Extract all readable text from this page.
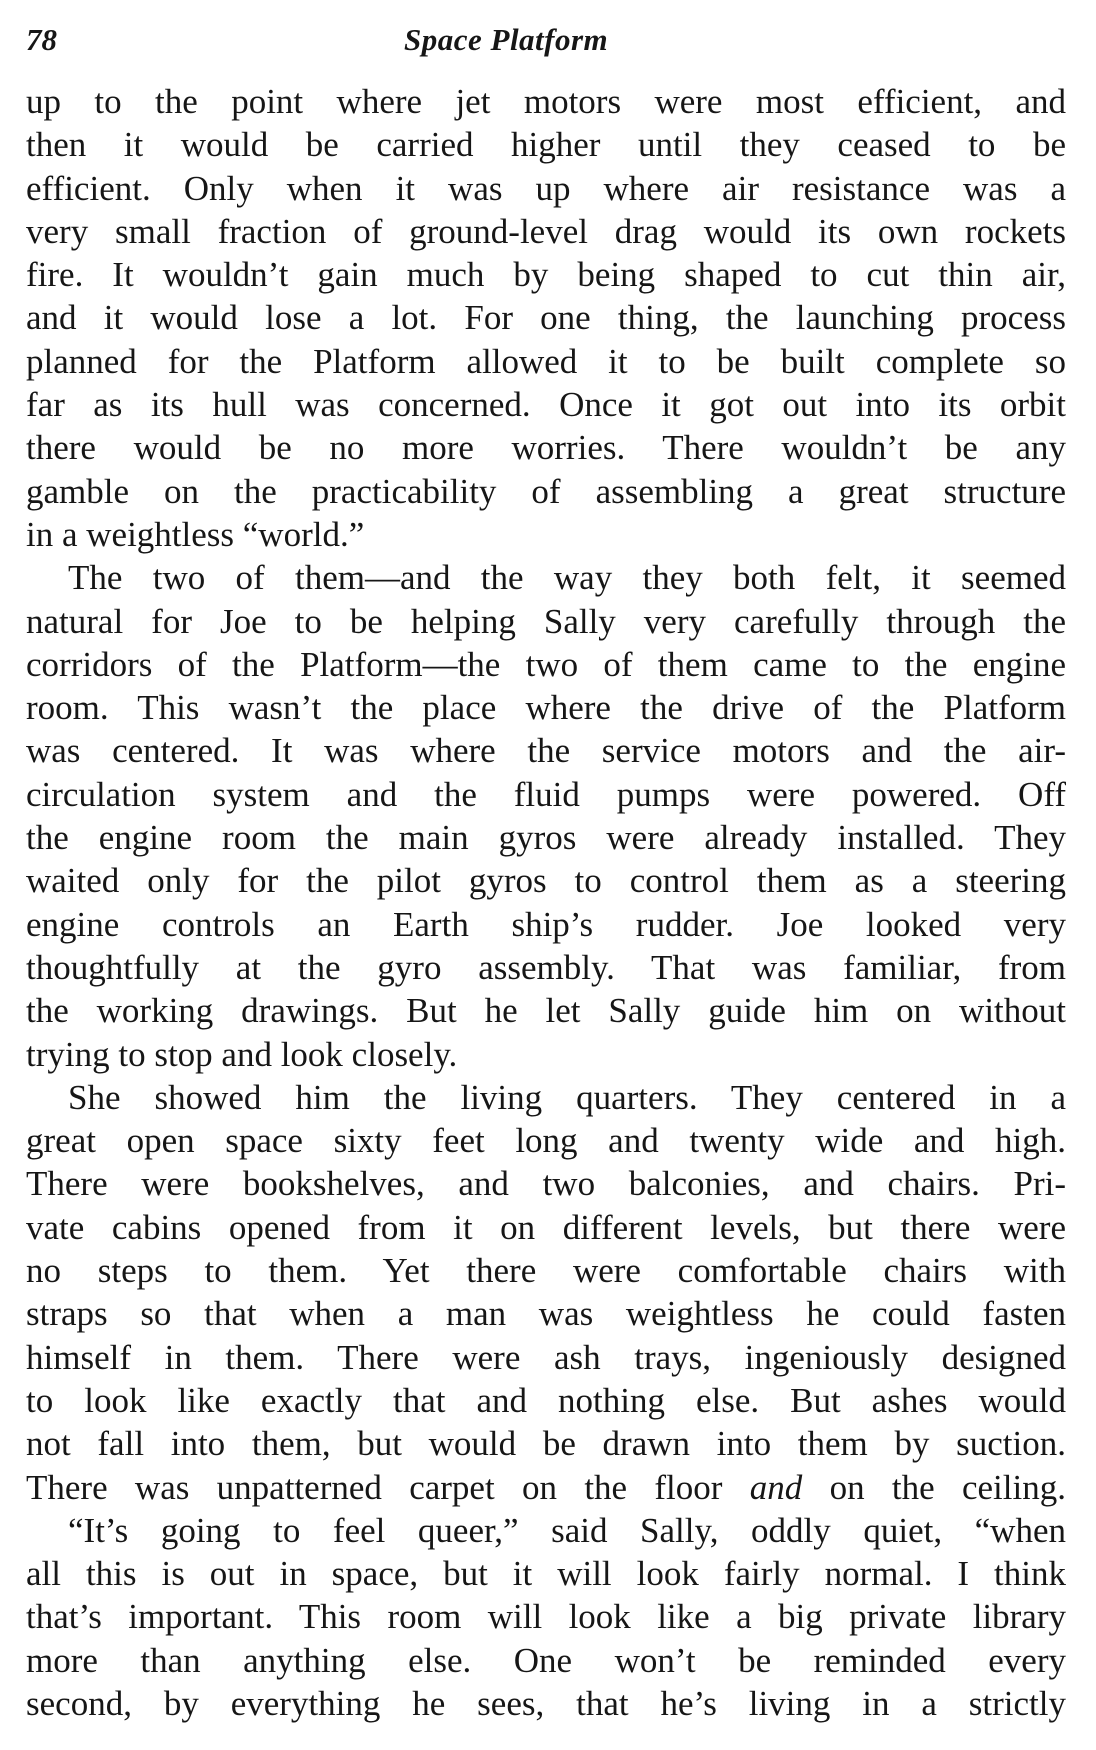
78	Space Platform
up to the point where jet motors were most efficient, and
then it would be carried higher until they ceased to be
efficient. Only when it was up where air resistance was a
very small fraction of ground-level drag would its own rockets
fire. It wouldn’t gain much by being shaped to cut thin air,
and it would lose a lot. For one thing, the launching process
planned for the Platform allowed it to be built complete so
far as its hull was concerned. Once it got out into its orbit
there would be no more worries. There wouldn’t be any
gamble on the practicability of assembling a great structure
in a weightless “world.”
The two of them—and the way they both felt, it seemed
natural for Joe to be helping Sally very carefully through the
corridors of the Platform—the two of them came to the engine
room. This wasn’t the place where the drive of the Platform
was centered. It was where the service motors and the air-
circulation system and the fluid pumps were powered. Off
the engine room the main gyros were already installed. They
waited only for the pilot gyros to control them as a steering
engine controls an Earth ship’s rudder. Joe looked very
thoughtfully at the gyro assembly. That was familiar, from
the working drawings. But he let Sally guide him on without
trying to stop and look closely.
She showed him the living quarters. They centered in a
great open space sixty feet long and twenty wide and high.
There were bookshelves, and two balconies, and chairs. Pri-
vate cabins opened from it on different levels, but there were
no steps to them. Yet there were comfortable chairs with
straps so that when a man was weightless he could fasten
himself in them. There were ash trays, ingeniously designed
to look like exactly that and nothing else. But ashes would
not fall into them, but would be drawn into them by suction.
There was unpatterned carpet on the floor and on the ceiling.
“It’s going to feel queer,” said Sally, oddly quiet, “when
all this is out in space, but it will look fairly normal. I think
that’s important. This room will look like a big private library
more than anything else. One won’t be reminded every
second, by everything he sees, that he’s living in a strictly
